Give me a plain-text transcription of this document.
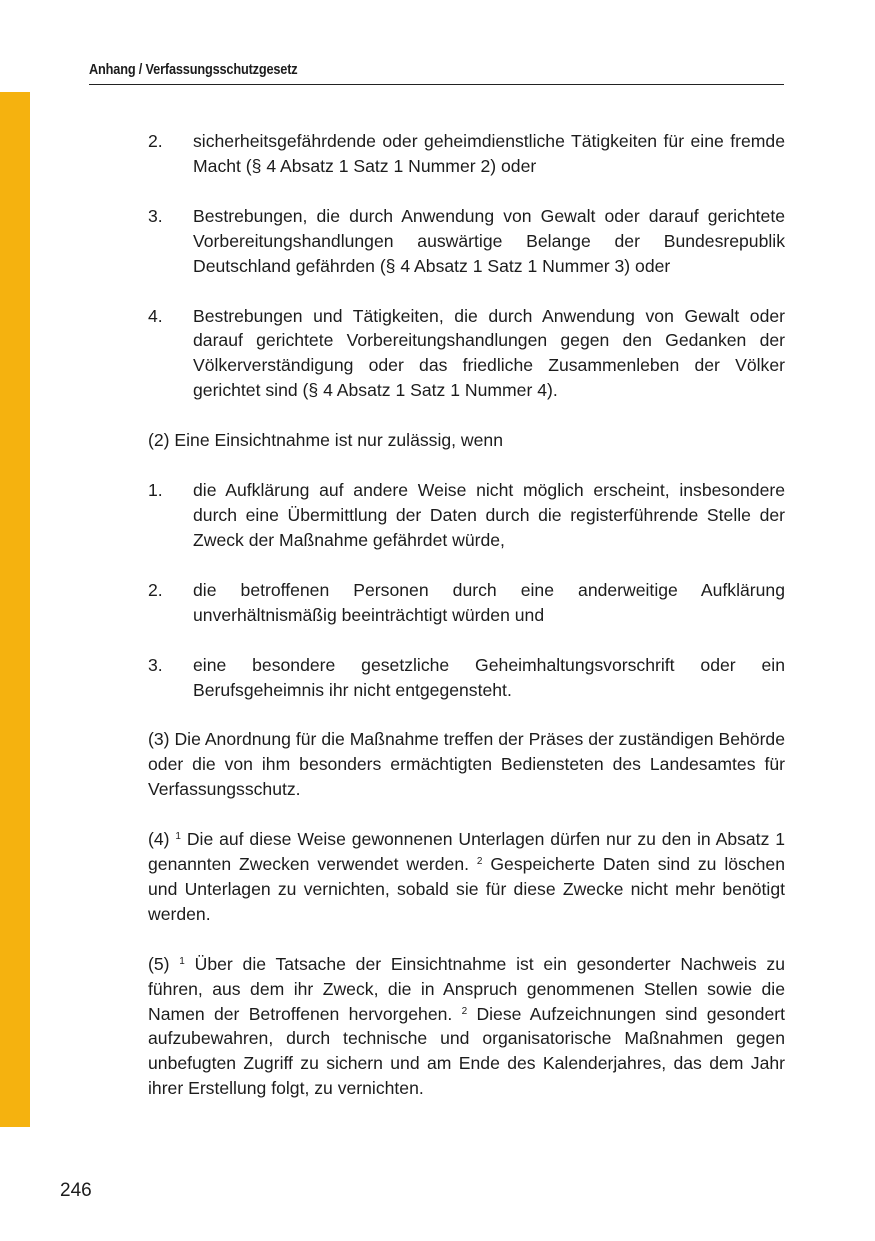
Anhang / Verfassungsschutzgesetz
2.	sicherheitsgefährdende oder geheimdienstliche Tätigkeiten für eine fremde Macht (§ 4 Absatz 1 Satz 1 Nummer 2) oder
3.	Bestrebungen, die durch Anwendung von Gewalt oder darauf gerichtete Vorbereitungshandlungen auswärtige Belange der Bundesrepublik Deutschland gefährden (§ 4 Absatz 1 Satz 1 Nummer 3) oder
4.	Bestrebungen und Tätigkeiten, die durch Anwendung von Gewalt oder darauf gerichtete Vorbereitungshandlungen gegen den Gedanken der Völkerverständigung oder das friedliche Zusammenleben der Völker gerichtet sind (§ 4 Absatz 1 Satz 1 Nummer 4).

(2) Eine Einsichtnahme ist nur zulässig, wenn

1.	die Aufklärung auf andere Weise nicht möglich erscheint, insbesondere durch eine Übermittlung der Daten durch die registerführende Stelle der Zweck der Maßnahme gefährdet würde,
2.	die betroffenen Personen durch eine anderweitige Aufklärung unverhältnismäßig beeinträchtigt würden und
3.	eine besondere gesetzliche Geheimhaltungsvorschrift oder ein Berufsgeheimnis ihr nicht entgegensteht.

(3) Die Anordnung für die Maßnahme treffen der Präses der zuständigen Behörde oder die von ihm besonders ermächtigten Bediensteten des Landesamtes für Verfassungsschutz.

(4) $^1$ Die auf diese Weise gewonnenen Unterlagen dürfen nur zu den in Absatz 1 genannten Zwecken verwendet werden. $^2$ Gespeicherte Daten sind zu löschen und Unterlagen zu vernichten, sobald sie für diese Zwecke nicht mehr benötigt werden.

(5) $^1$ Über die Tatsache der Einsichtnahme ist ein gesonderter Nachweis zu führen, aus dem ihr Zweck, die in Anspruch genommenen Stellen sowie die Namen der Betroffenen hervorgehen. $^2$ Diese Aufzeichnungen sind gesondert aufzubewahren, durch technische und organisatorische Maßnahmen gegen unbefugten Zugriff zu sichern und am Ende des Kalenderjahres, das dem Jahr ihrer Erstellung folgt, zu vernichten.

246
